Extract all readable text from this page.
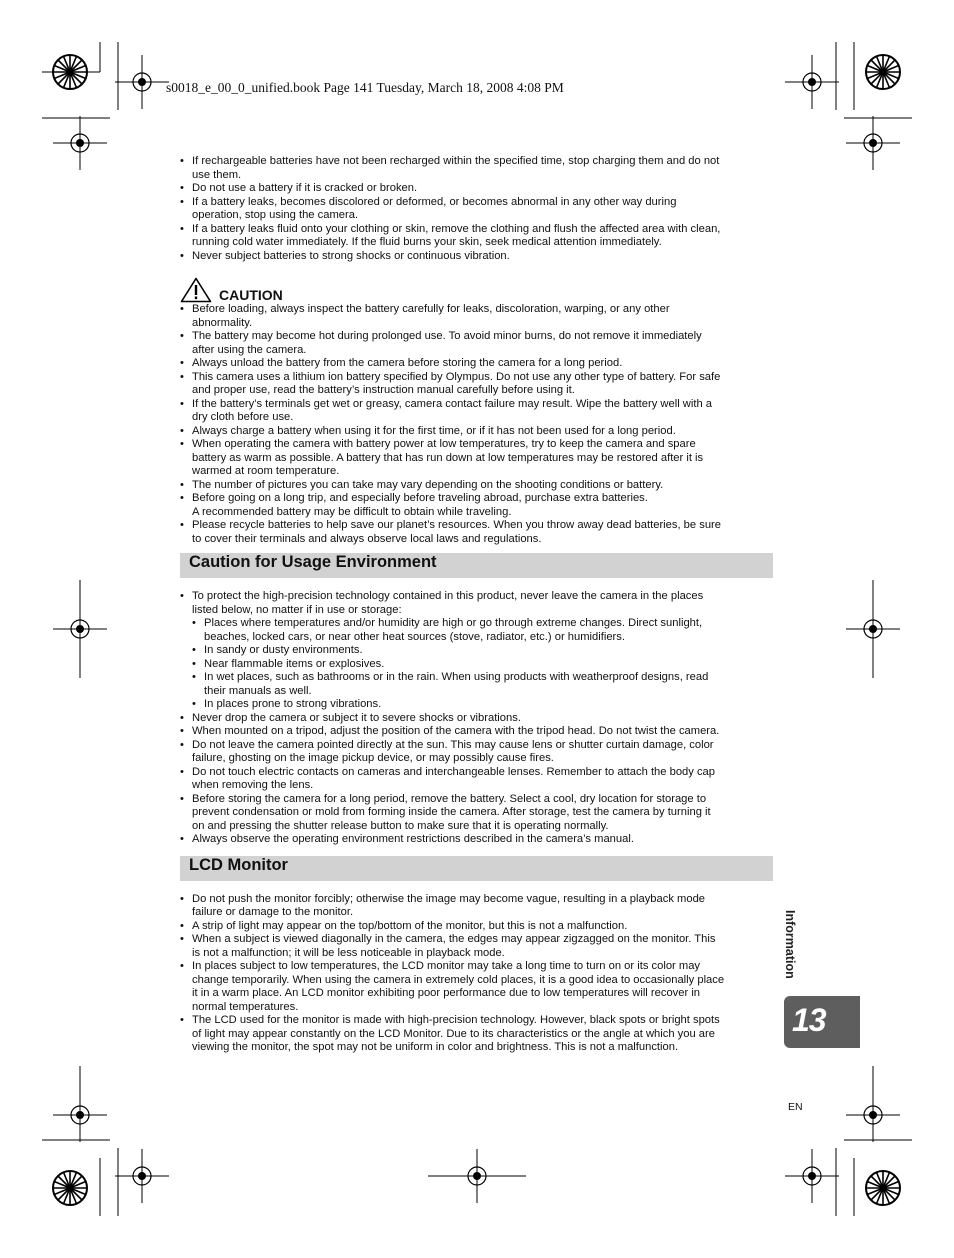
s0018_e_00_0_unified.book Page 141 Tuesday, March 18, 2008 4:08 PM
• If rechargeable batteries have not been recharged within the specified time, stop charging them and do not
use them.
• Do not use a battery if it is cracked or broken.
• If a battery leaks, becomes discolored or deformed, or becomes abnormal in any other way during
operation, stop using the camera.
• If a battery leaks fluid onto your clothing or skin, remove the clothing and flush the affected area with clean,
running cold water immediately. If the fluid burns your skin, seek medical attention immediately.
• Never subject batteries to strong shocks or continuous vibration.
CAUTION
• Before loading, always inspect the battery carefully for leaks, discoloration, warping, or any other
abnormality.
• The battery may become hot during prolonged use. To avoid minor burns, do not remove it immediately
after using the camera.
• Always unload the battery from the camera before storing the camera for a long period.
• This camera uses a lithium ion battery specified by Olympus. Do not use any other type of battery. For safe
and proper use, read the battery’s instruction manual carefully before using it.
• If the battery’s terminals get wet or greasy, camera contact failure may result. Wipe the battery well with a
dry cloth before use.
• Always charge a battery when using it for the first time, or if it has not been used for a long period.
• When operating the camera with battery power at low temperatures, try to keep the camera and spare
battery as warm as possible. A battery that has run down at low temperatures may be restored after it is
warmed at room temperature.
• The number of pictures you can take may vary depending on the shooting conditions or battery.
• Before going on a long trip, and especially before traveling abroad, purchase extra batteries.
A recommended battery may be difficult to obtain while traveling.
• Please recycle batteries to help save our planet’s resources. When you throw away dead batteries, be sure
to cover their terminals and always observe local laws and regulations.
Caution for Usage Environment
• To protect the high-precision technology contained in this product, never leave the camera in the places
listed below, no matter if in use or storage:
• Places where temperatures and/or humidity are high or go through extreme changes. Direct sunlight,
beaches, locked cars, or near other heat sources (stove, radiator, etc.) or humidifiers.
• In sandy or dusty environments.
• Near flammable items or explosives.
• In wet places, such as bathrooms or in the rain. When using products with weatherproof designs, read
their manuals as well.
• In places prone to strong vibrations.
• Never drop the camera or subject it to severe shocks or vibrations.
• When mounted on a tripod, adjust the position of the camera with the tripod head. Do not twist the camera.
• Do not leave the camera pointed directly at the sun. This may cause lens or shutter curtain damage, color
failure, ghosting on the image pickup device, or may possibly cause fires.
• Do not touch electric contacts on cameras and interchangeable lenses. Remember to attach the body cap
when removing the lens.
• Before storing the camera for a long period, remove the battery. Select a cool, dry location for storage to
prevent condensation or mold from forming inside the camera. After storage, test the camera by turning it
on and pressing the shutter release button to make sure that it is operating normally.
• Always observe the operating environment restrictions described in the camera’s manual.
LCD Monitor
• Do not push the monitor forcibly; otherwise the image may become vague, resulting in a playback mode
failure or damage to the monitor.
• A strip of light may appear on the top/bottom of the monitor, but this is not a malfunction.
• When a subject is viewed diagonally in the camera, the edges may appear zigzagged on the monitor. This
is not a malfunction; it will be less noticeable in playback mode.
• In places subject to low temperatures, the LCD monitor may take a long time to turn on or its color may
change temporarily. When using the camera in extremely cold places, it is a good idea to occasionally place
it in a warm place. An LCD monitor exhibiting poor performance due to low temperatures will recover in
normal temperatures.
• The LCD used for the monitor is made with high-precision technology. However, black spots or bright spots
of light may appear constantly on the LCD Monitor. Due to its characteristics or the angle at which you are
viewing the monitor, the spot may not be uniform in color and brightness. This is not a malfunction.
Information
13
EN
